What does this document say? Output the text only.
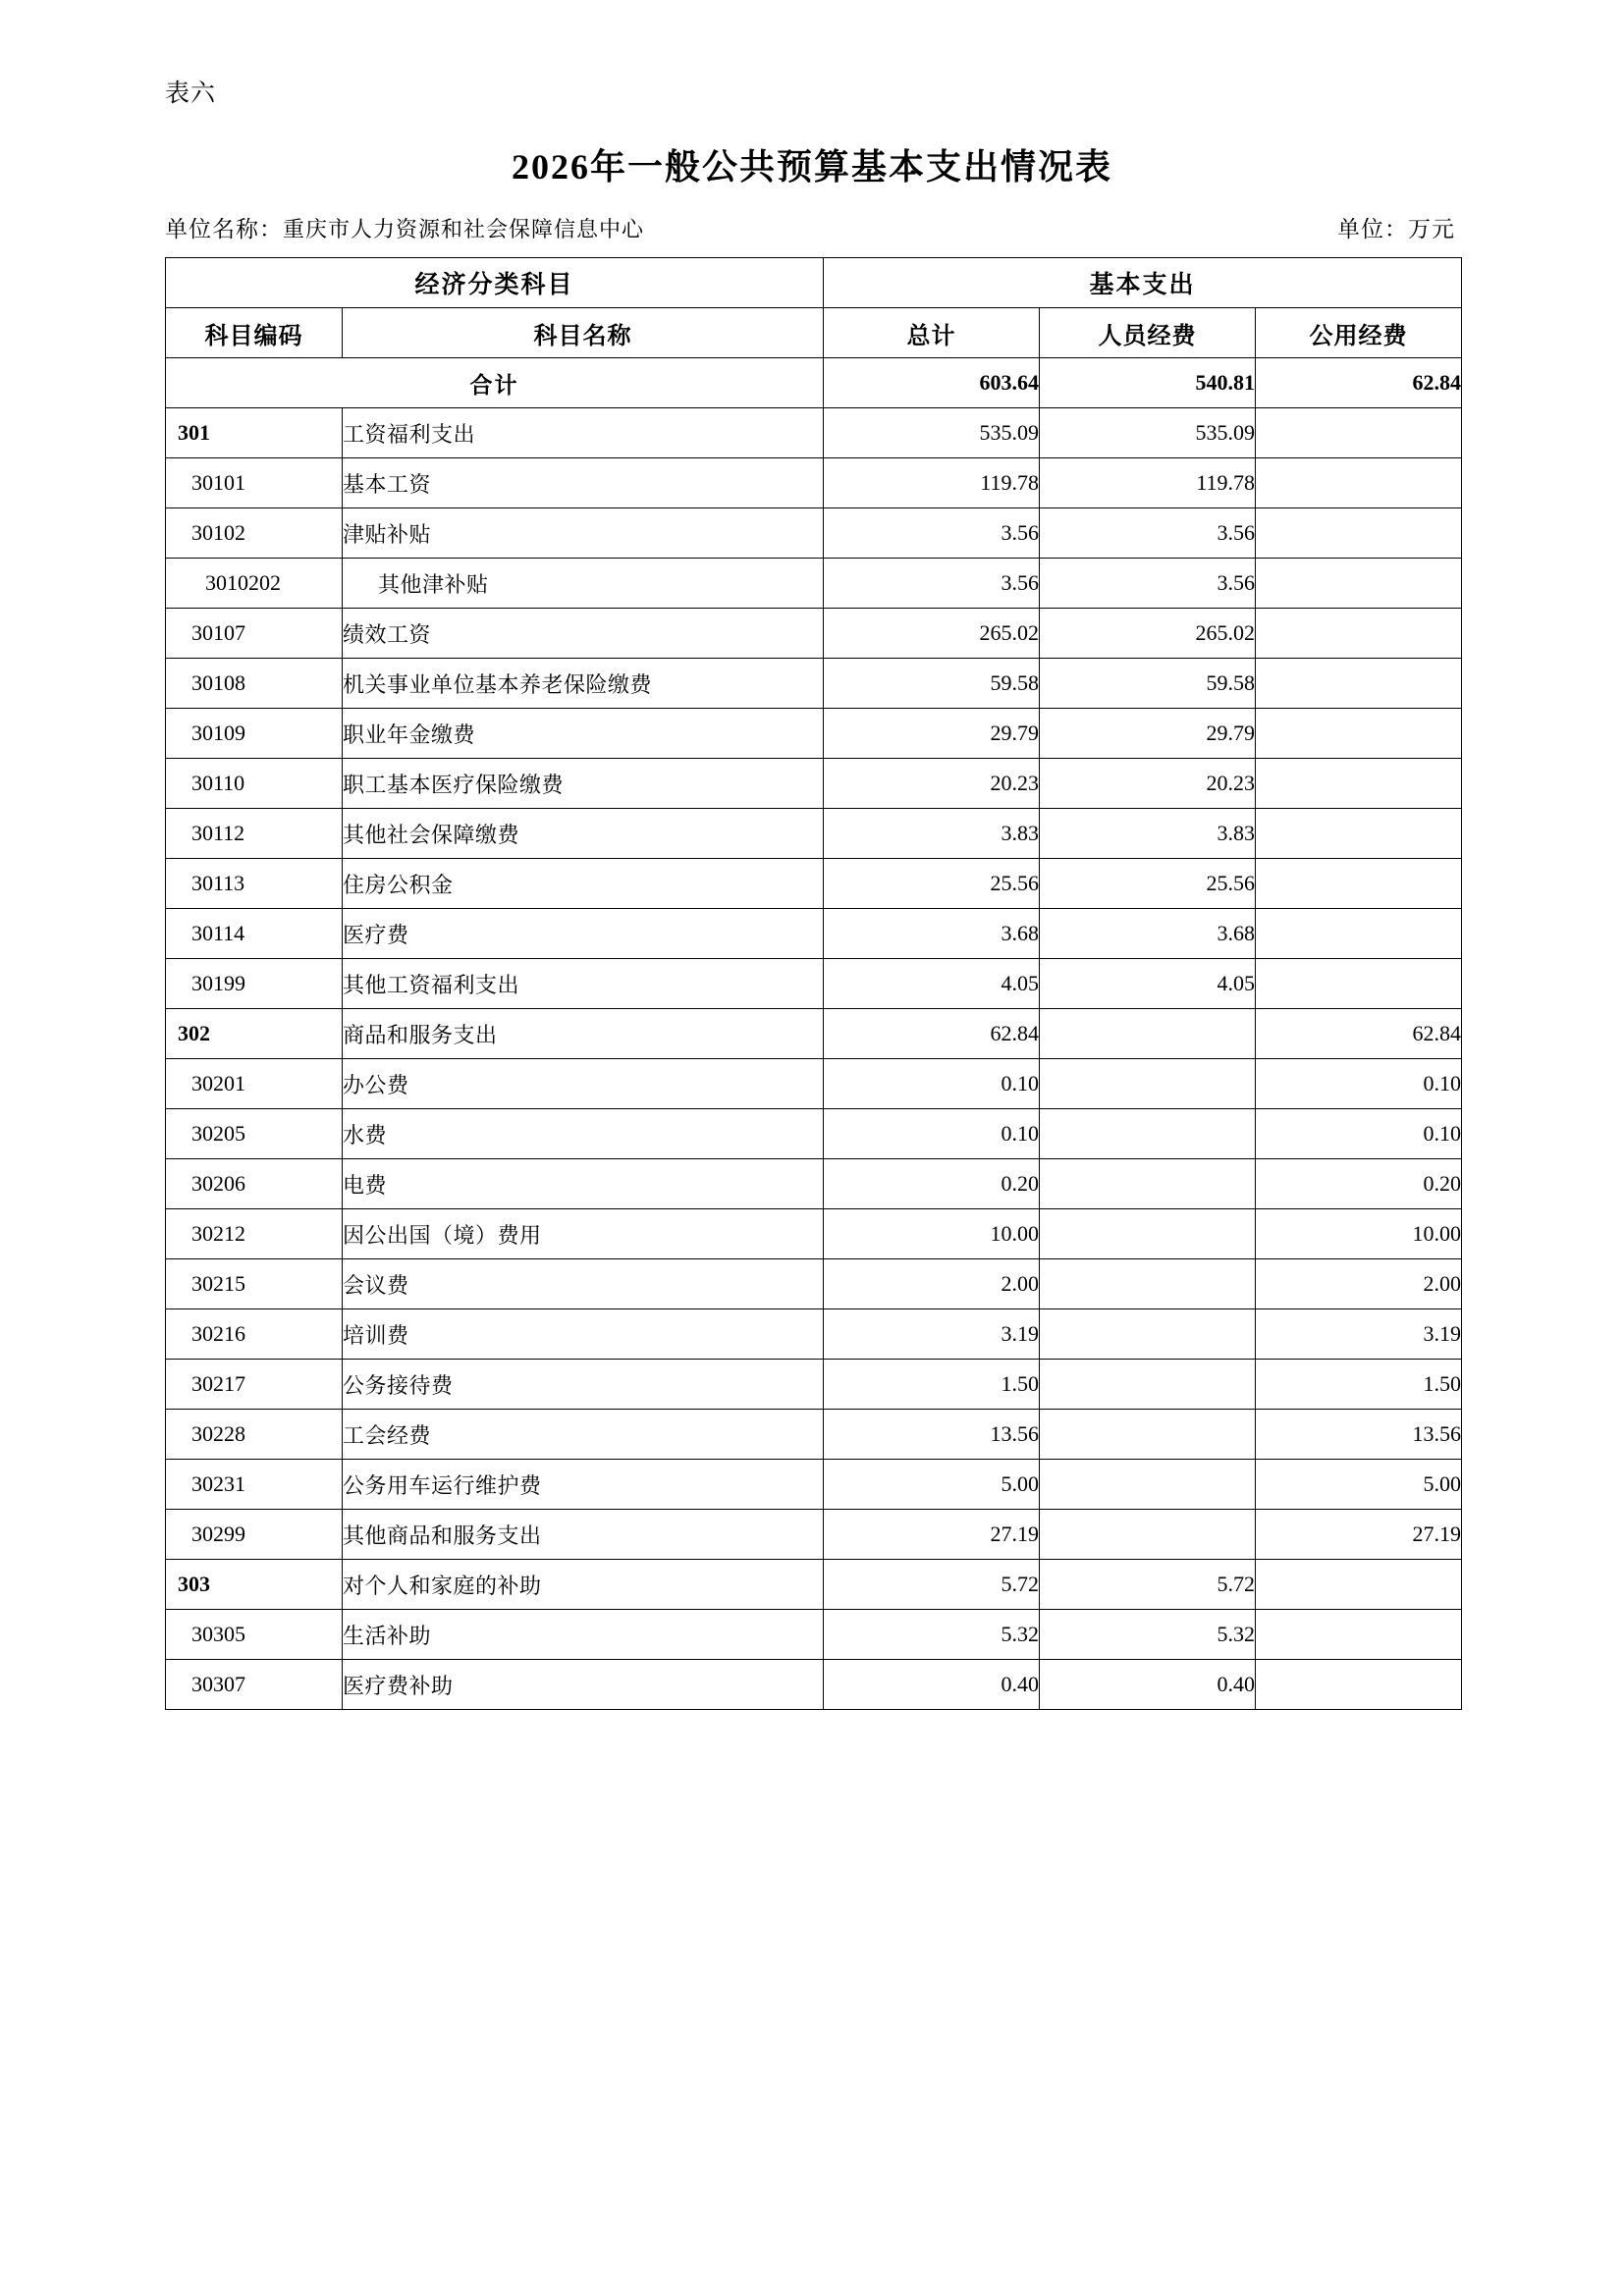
表六
2026年一般公共预算基本支出情况表
单位名称：重庆市人力资源和社会保障信息中心	单位：万元
经济分类科目		基本支出		
科目编码	科目名称	总计	人员经费	公用经费
合计		603.64	540.81	62.84
301	工资福利支出	535.09	535.09	
30101	基本工资	119.78	119.78	
30102	津贴补贴	3.56	3.56	
3010202	其他津补贴	3.56	3.56	
30107	绩效工资	265.02	265.02	
30108	机关事业单位基本养老保险缴费	59.58	59.58	
30109	职业年金缴费	29.79	29.79	
30110	职工基本医疗保险缴费	20.23	20.23	
30112	其他社会保障缴费	3.83	3.83	
30113	住房公积金	25.56	25.56	
30114	医疗费	3.68	3.68	
30199	其他工资福利支出	4.05	4.05	
302	商品和服务支出	62.84		62.84
30201	办公费	0.10		0.10
30205	水费	0.10		0.10
30206	电费	0.20		0.20
30212	因公出国（境）费用	10.00		10.00
30215	会议费	2.00		2.00
30216	培训费	3.19		3.19
30217	公务接待费	1.50		1.50
30228	工会经费	13.56		13.56
30231	公务用车运行维护费	5.00		5.00
30299	其他商品和服务支出	27.19		27.19
303	对个人和家庭的补助	5.72	5.72	
30305	生活补助	5.32	5.32	
30307	医疗费补助	0.40	0.40	
